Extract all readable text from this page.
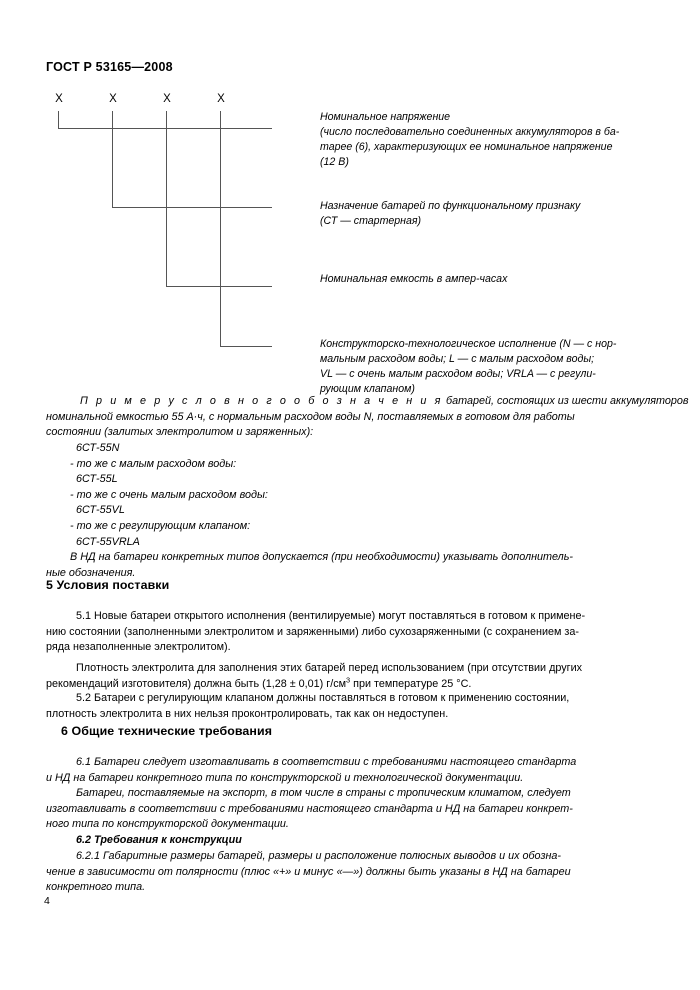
ГОСТ Р 53165—2008
X	X	X	X
Номинальное напряжение
(число последовательно соединенных аккумуляторов в ба-
тарее (6), характеризующих ее номинальное напряжение
(12 В)
Назначение батарей по функциональному признаку
(СТ — стартерная)
Номинальная емкость в ампер-часах
Конструкторско-технологическое исполнение (N — с нор-
мальным расходом воды; L — с малым расходом воды;
VL — с очень малым расходом воды; VRLA — с регули-
рующим клапаном)
П р и м е р у с л о в н о г о о б о з н а ч е н и я батарей, состоящих из шести аккумуляторов
номинальной емкостью 55 А·ч, с нормальным расходом воды N, поставляемых в готовом для работы
состоянии (залитых электролитом и заряженных):
6СТ-55N
- то же с малым расходом воды:
6СТ-55L
- то же с очень малым расходом воды:
6СТ-55VL
- то же с регулирующим клапаном:
6СТ-55VRLA
В НД на батареи конкретных типов допускается (при необходимости) указывать дополнитель-
ные обозначения.
5 Условия поставки
5.1 Новые батареи открытого исполнения (вентилируемые) могут поставляться в готовом к примене-
нию состоянии (заполненными электролитом и заряженными) либо сухозаряженными (с сохранением за-
ряда незаполненные электролитом).
Плотность электролита для заполнения этих батарей перед использованием (при отсутствии других
рекомендаций изготовителя) должна быть (1,28 ± 0,01) $г/см^3$ при температуре 25 °С.
5.2 Батареи с регулирующим клапаном должны поставляться в готовом к применению состоянии,
плотность электролита в них нельзя проконтролировать, так как он недоступен.
6 Общие технические требования
6.1 Батареи следует изготавливать в соответствии с требованиями настоящего стандарта
и НД на батареи конкретного типа по конструкторской и технологической документации.
Батареи, поставляемые на экспорт, в том числе в страны с тропическим климатом, следует
изготавливать в соответствии с требованиями настоящего стандарта и НД на батареи конкрет-
ного типа по конструкторской документации.
6.2 Требования к конструкции
6.2.1 Габаритные размеры батарей, размеры и расположение полюсных выводов и их обозна-
чение в зависимости от полярности (плюс «+» и минус «—») должны быть указаны в НД на батареи
конкретного типа.
4
